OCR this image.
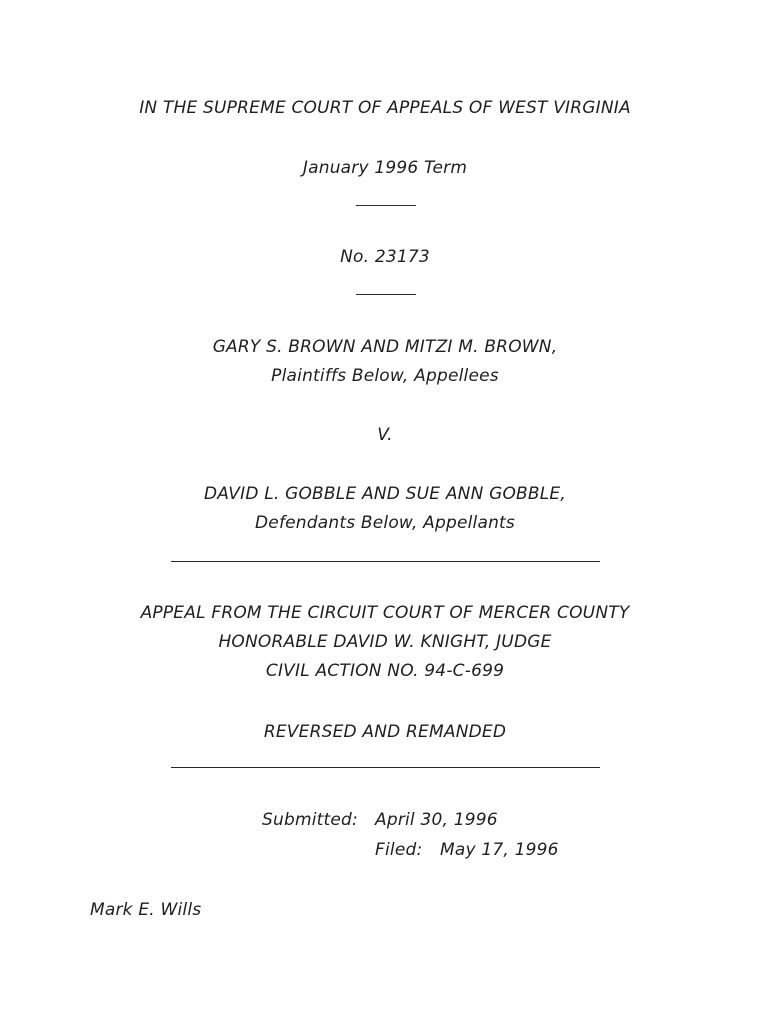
IN THE SUPREME COURT OF APPEALS OF WEST VIRGINIA
January 1996 Term
No. 23173
GARY S. BROWN AND MITZI M. BROWN,
Plaintiffs Below, Appellees
V.
DAVID L. GOBBLE AND SUE ANN GOBBLE,
Defendants Below, Appellants
APPEAL FROM THE CIRCUIT COURT OF MERCER COUNTY
HONORABLE DAVID W. KNIGHT, JUDGE
CIVIL ACTION NO. 94-C-699
REVERSED AND REMANDED
Submitted: April 30, 1996
Filed: May 17, 1996
Mark E. Wills
